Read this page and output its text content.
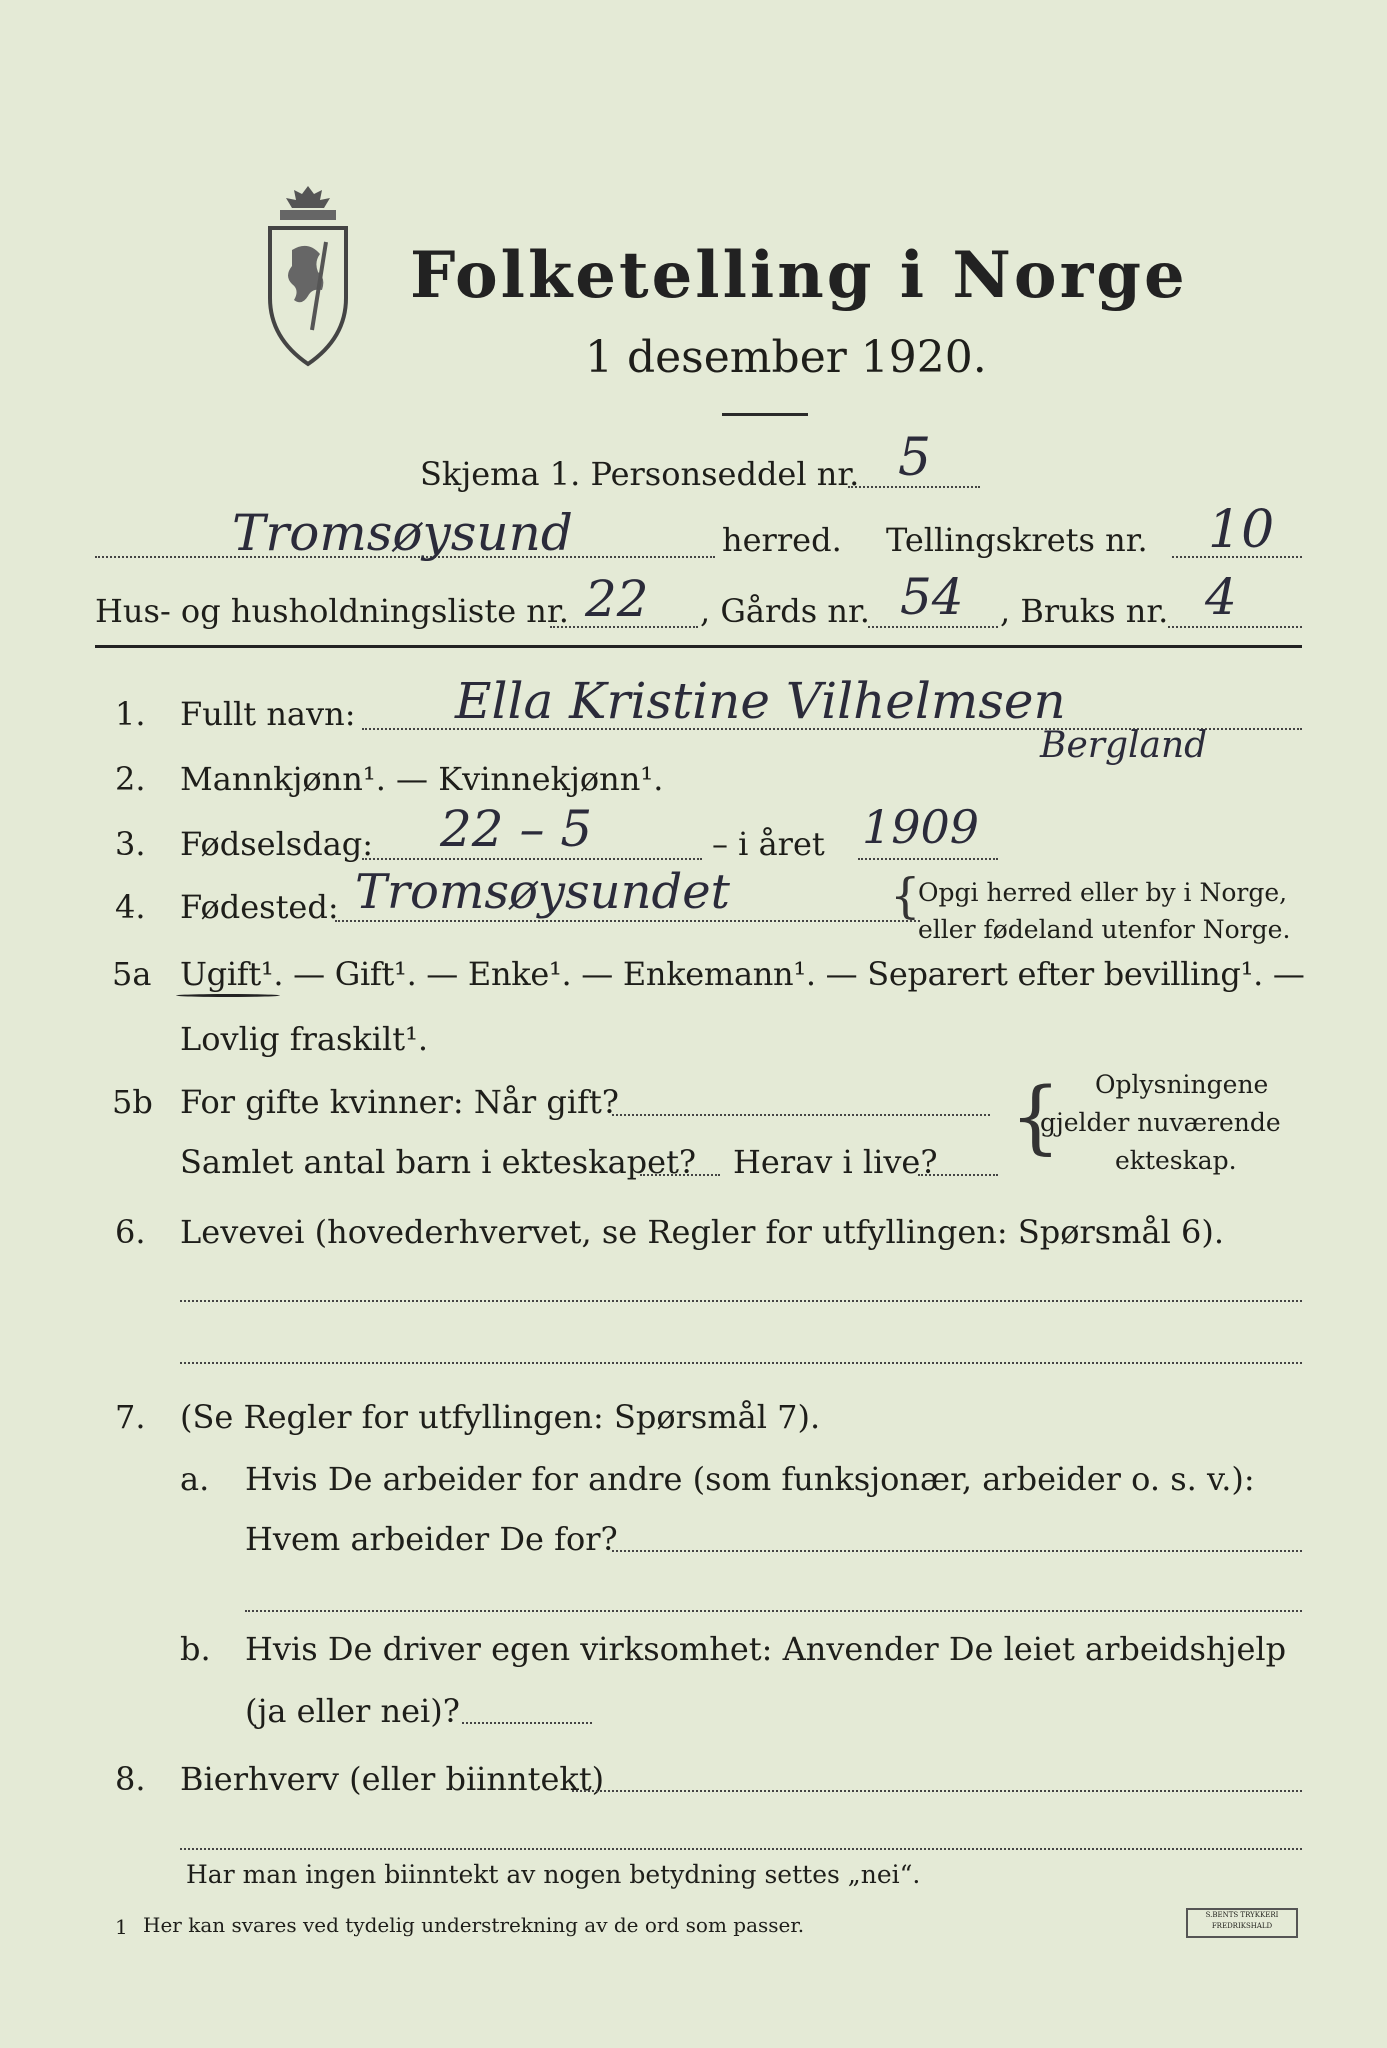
Folketelling i Norge
1 desember 1920.
Skjema 1. Personseddel nr. 5
Tromsøysund	herred. Tellingskrets nr. 10
Hus- og husholdningsliste nr. 22 , Gårds nr. 54 , Bruks nr. 4
1. Fullt navn: Ella Kristine Vilhelmsen
Bergland
2. Mannkjønn¹. — Kvinnekjønn¹.
3. Fødselsdag: 22 – 5	– i året 1909
4. Fødested: Tromsøysundet	{
Opgi herred eller by i Norge,
eller fødeland utenfor Norge.
5a Ugift¹. — Gift¹. — Enke¹. — Enkemann¹. — Separert efter bevilling¹. —
Lovlig fraskilt¹.
5b For gifte kvinner: Når gift?
Samlet antal barn i ekteskapet? Herav i live? { Oplysningene
gjelder nuværende
ekteskap.
6. Levevei (hovederhvervet, se Regler for utfyllingen: Spørsmål 6).
7. (Se Regler for utfyllingen: Spørsmål 7).
a. Hvis De arbeider for andre (som funksjonær, arbeider o. s. v.):
Hvem arbeider De for?
b. Hvis De driver egen virksomhet: Anvender De leiet arbeidshjelp
(ja eller nei)?
8. Bierhverv (eller biinntekt)
Har man ingen biinntekt av nogen betydning settes „nei“.
1 Her kan svares ved tydelig understrekning av de ord som passer.	S.BENTS TRYKKERI FREDRIKSHALD
